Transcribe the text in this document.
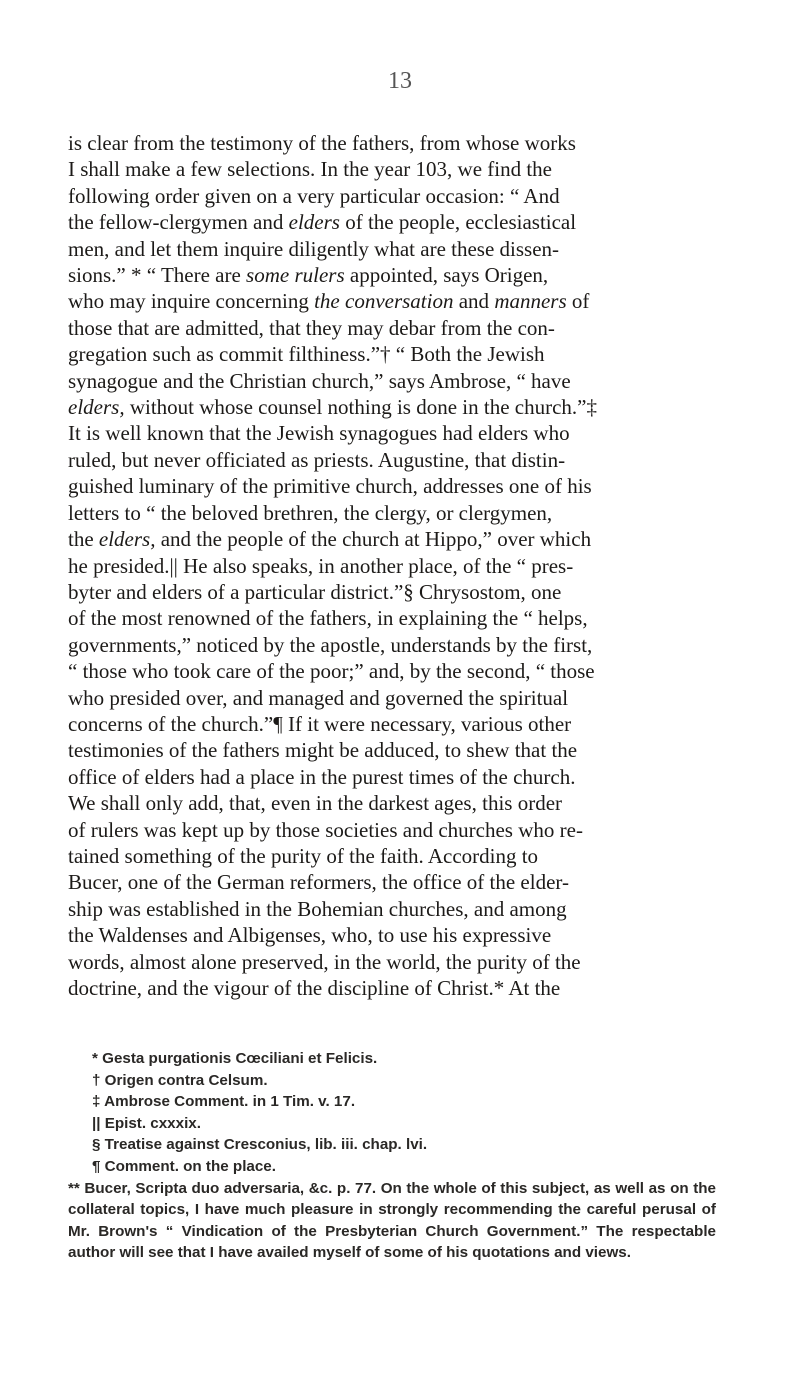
13

is clear from the testimony of the fathers, from whose works

I shall make a few selections. In the year 103, we find the

following order given on a very particular occasion: “ And

the fellow-clergymen and elders of the people, ecclesiastical

men, and let them inquire diligently what are these dissen-

sions.” * “ There are some rulers appointed, says Origen,

who may inquire concerning the conversation and manners of

those that are admitted, that they may debar from the con-

gregation such as commit filthiness.”† “ Both the Jewish

synagogue and the Christian church,” says Ambrose, “ have

elders, without whose counsel nothing is done in the church.”‡

It is well known that the Jewish synagogues had elders who

ruled, but never officiated as priests. Augustine, that distin-

guished luminary of the primitive church, addresses one of his

letters to “ the beloved brethren, the clergy, or clergymen,

the elders, and the people of the church at Hippo,” over which

he presided.|| He also speaks, in another place, of the “ pres-

byter and elders of a particular district.”§ Chrysostom, one

of the most renowned of the fathers, in explaining the “ helps,

governments,” noticed by the apostle, understands by the first,

“ those who took care of the poor;” and, by the second, “ those

who presided over, and managed and governed the spiritual

concerns of the church.”¶ If it were necessary, various other

testimonies of the fathers might be adduced, to shew that the

office of elders had a place in the purest times of the church.

We shall only add, that, even in the darkest ages, this order

of rulers was kept up by those societies and churches who re-

tained something of the purity of the faith. According to

Bucer, one of the German reformers, the office of the elder-

ship was established in the Bohemian churches, and among

the Waldenses and Albigenses, who, to use his expressive

words, almost alone preserved, in the world, the purity of the

doctrine, and the vigour of the discipline of Christ.* At the

* Gesta purgationis Cœciliani et Felicis.
† Origen contra Celsum.
‡ Ambrose Comment. in 1 Tim. v. 17.
|| Epist. cxxxix.
§ Treatise against Cresconius, lib. iii. chap. lvi.
¶ Comment. on the place.
** Bucer, Scripta duo adversaria, &c. p. 77. On the whole of this subject, as well as on the collateral topics, I have much pleasure in strongly recommending the careful perusal of Mr. Brown's “ Vindication of the Presbyterian Church Government.” The respectable author will see that I have availed myself of some of his quotations and views.
